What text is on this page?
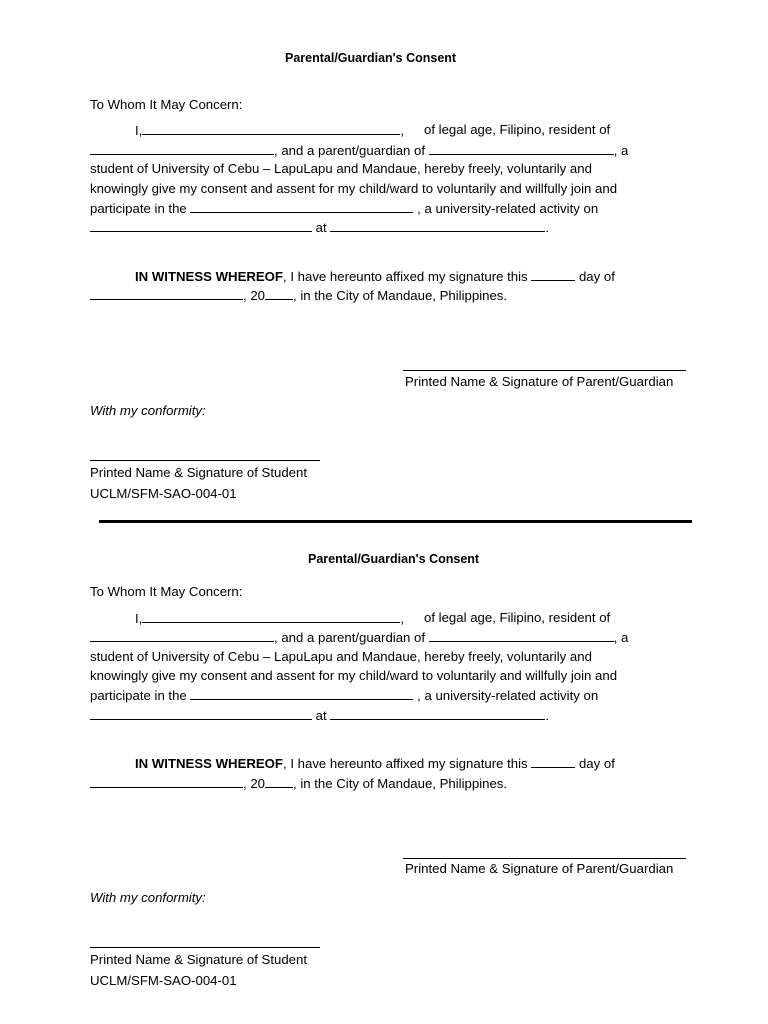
Parental/Guardian's Consent
To Whom It May Concern:
I,	, of legal age, Filipino, resident of
, and a parent/guardian of	, a
student of University of Cebu – LapuLapu and Mandaue, hereby freely, voluntarily and
knowingly give my consent and assent for my child/ward to voluntarily and willfully join and
participate in the	, a university-related activity on
at	.
IN WITNESS WHEREOF, I have hereunto affixed my signature this	day of
, 20 , in the City of Mandaue, Philippines.
Printed Name & Signature of Parent/Guardian
With my conformity:
Printed Name & Signature of Student
UCLM/SFM-SAO-004-01
Parental/Guardian's Consent
To Whom It May Concern:
I,	, of legal age, Filipino, resident of
, and a parent/guardian of	, a
student of University of Cebu – LapuLapu and Mandaue, hereby freely, voluntarily and
knowingly give my consent and assent for my child/ward to voluntarily and willfully join and
participate in the	, a university-related activity on
at	.
IN WITNESS WHEREOF, I have hereunto affixed my signature this	day of
, 20 , in the City of Mandaue, Philippines.
Printed Name & Signature of Parent/Guardian
With my conformity:
Printed Name & Signature of Student
UCLM/SFM-SAO-004-01
